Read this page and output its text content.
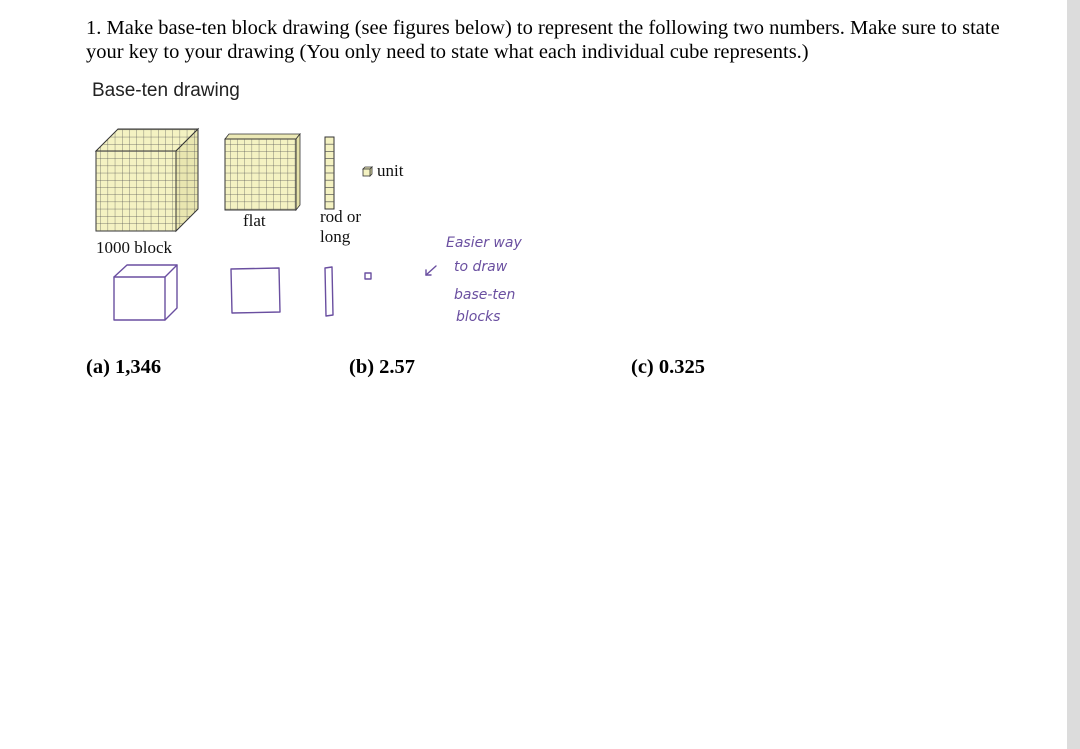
1. Make base-ten block drawing (see figures below) to represent the following two numbers. Make sure to state your key to your drawing (You only need to state what each individual cube represents.)
Base-ten drawing
unit
flat	rod or
long
1000 block	Easier way
to draw
base-ten
blocks
(a) 1,346	(b) 2.57	(c) 0.325
